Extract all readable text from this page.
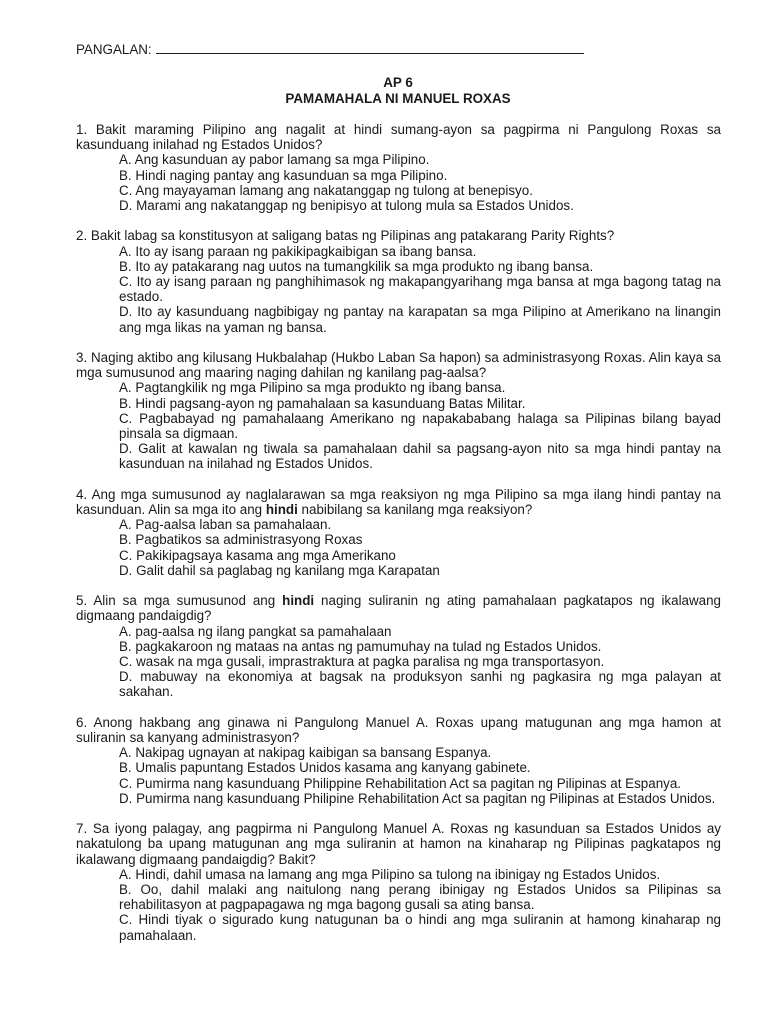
PANGALAN:
AP 6
PAMAMAHALA NI MANUEL ROXAS
1. Bakit maraming Pilipino ang nagalit at hindi sumang-ayon sa pagpirma ni Pangulong Roxas sa kasunduang inilahad ng Estados Unidos?
A. Ang kasunduan ay pabor lamang sa mga Pilipino.
B. Hindi naging pantay ang kasunduan sa mga Pilipino.
C. Ang mayayaman lamang ang nakatanggap ng tulong at benepisyo.
D. Marami ang nakatanggap ng benipisyo at tulong mula sa Estados Unidos.
2. Bakit labag sa konstitusyon at saligang batas ng Pilipinas ang patakarang Parity Rights?
A. Ito ay isang paraan ng pakikipagkaibigan sa ibang bansa.
B. Ito ay patakarang nag uutos na tumangkilik sa mga produkto ng ibang bansa.
C. Ito ay isang paraan ng panghihimasok ng makapangyarihang mga bansa at mga bagong tatag na estado.
D. Ito ay kasunduang nagbibigay ng pantay na karapatan sa mga Pilipino at Amerikano na linangin ang mga likas na yaman ng bansa.
3. Naging aktibo ang kilusang Hukbalahap (Hukbo Laban Sa hapon) sa administrasyong Roxas. Alin kaya sa mga sumusunod ang maaring naging dahilan ng kanilang pag-aalsa?
A. Pagtangkilik ng mga Pilipino sa mga produkto ng ibang bansa.
B. Hindi pagsang-ayon ng pamahalaan sa kasunduang Batas Militar.
C. Pagbabayad ng pamahalaang Amerikano ng napakababang halaga sa Pilipinas bilang bayad pinsala sa digmaan.
D. Galit at kawalan ng tiwala sa pamahalaan dahil sa pagsang-ayon nito sa mga hindi pantay na kasunduan na inilahad ng Estados Unidos.
4. Ang mga sumusunod ay naglalarawan sa mga reaksiyon ng mga Pilipino sa mga ilang hindi pantay na kasunduan. Alin sa mga ito ang hindi nabibilang sa kanilang mga reaksiyon?
A. Pag-aalsa laban sa pamahalaan.
B. Pagbatikos sa administrasyong Roxas
C. Pakikipagsaya kasama ang mga Amerikano
D. Galit dahil sa paglabag ng kanilang mga Karapatan
5. Alin sa mga sumusunod ang hindi naging suliranin ng ating pamahalaan pagkatapos ng ikalawang digmaang pandaigdig?
A. pag-aalsa ng ilang pangkat sa pamahalaan
B. pagkakaroon ng mataas na antas ng pamumuhay na tulad ng Estados Unidos.
C. wasak na mga gusali, imprastraktura at pagka paralisa ng mga transportasyon.
D. mabuway na ekonomiya at bagsak na produksyon sanhi ng pagkasira ng mga palayan at sakahan.
6. Anong hakbang ang ginawa ni Pangulong Manuel A. Roxas upang matugunan ang mga hamon at suliranin sa kanyang administrasyon?
A. Nakipag ugnayan at nakipag kaibigan sa bansang Espanya.
B. Umalis papuntang Estados Unidos kasama ang kanyang gabinete.
C. Pumirma nang kasunduang Philippine Rehabilitation Act sa pagitan ng Pilipinas at Espanya.
D. Pumirma nang kasunduang Philipine Rehabilitation Act sa pagitan ng Pilipinas at Estados Unidos.
7. Sa iyong palagay, ang pagpirma ni Pangulong Manuel A. Roxas ng kasunduan sa Estados Unidos ay nakatulong ba upang matugunan ang mga suliranin at hamon na kinaharap ng Pilipinas pagkatapos ng ikalawang digmaang pandaigdig? Bakit?
A. Hindi, dahil umasa na lamang ang mga Pilipino sa tulong na ibinigay ng Estados Unidos.
B. Oo, dahil malaki ang naitulong nang perang ibinigay ng Estados Unidos sa Pilipinas sa rehabilitasyon at pagpapagawa ng mga bagong gusali sa ating bansa.
C. Hindi tiyak o sigurado kung natugunan ba o hindi ang mga suliranin at hamong kinaharap ng pamahalaan.
